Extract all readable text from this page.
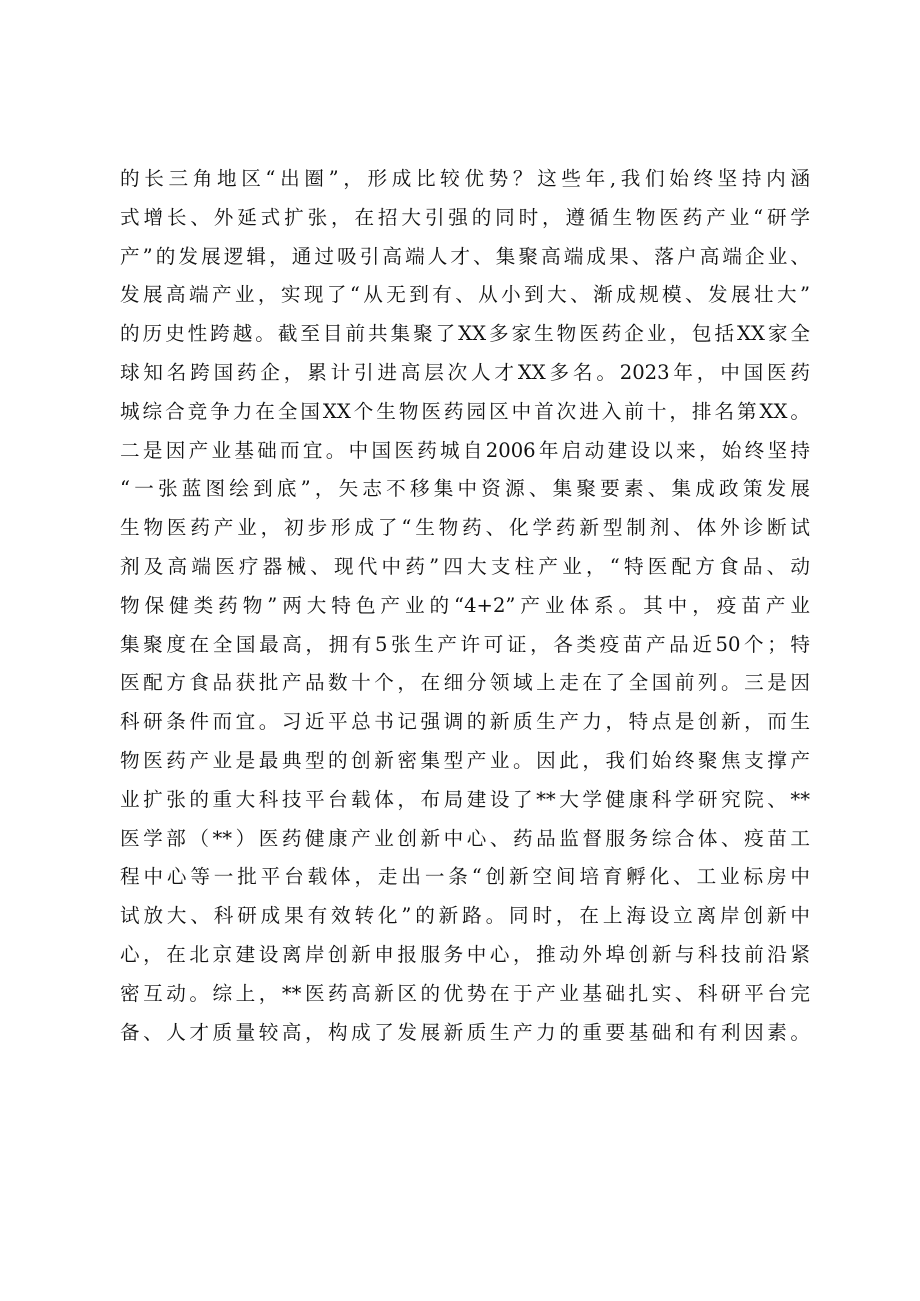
的长三角地区“出圈”，形成比较优势？这些年,我们始终坚持内涵
式增长、外延式扩张，在招大引强的同时，遵循生物医药产业“研学
产”的发展逻辑，通过吸引高端人才、集聚高端成果、落户高端企业、
发展高端产业，实现了“从无到有、从小到大、渐成规模、发展壮大”
的历史性跨越。截至目前共集聚了XX多家生物医药企业，包括XX家全
球知名跨国药企，累计引进高层次人才XX多名。2023年，中国医药
城综合竞争力在全国XX个生物医药园区中首次进入前十，排名第XX。
二是因产业基础而宜。中国医药城自2006年启动建设以来，始终坚持
“一张蓝图绘到底”，矢志不移集中资源、集聚要素、集成政策发展
生物医药产业，初步形成了“生物药、化学药新型制剂、体外诊断试
剂及高端医疗器械、现代中药”四大支柱产业，“特医配方食品、动
物保健类药物”两大特色产业的“4+2”产业体系。其中，疫苗产业
集聚度在全国最高，拥有5张生产许可证，各类疫苗产品近50个；特
医配方食品获批产品数十个，在细分领域上走在了全国前列。三是因
科研条件而宜。习近平总书记强调的新质生产力，特点是创新，而生
物医药产业是最典型的创新密集型产业。因此，我们始终聚焦支撑产
业扩张的重大科技平台载体，布局建设了**大学健康科学研究院、**
医学部（**）医药健康产业创新中心、药品监督服务综合体、疫苗工
程中心等一批平台载体，走出一条“创新空间培育孵化、工业标房中
试放大、科研成果有效转化”的新路。同时，在上海设立离岸创新中
心，在北京建设离岸创新申报服务中心，推动外埠创新与科技前沿紧
密互动。综上，**医药高新区的优势在于产业基础扎实、科研平台完
备、人才质量较高，构成了发展新质生产力的重要基础和有利因素。
